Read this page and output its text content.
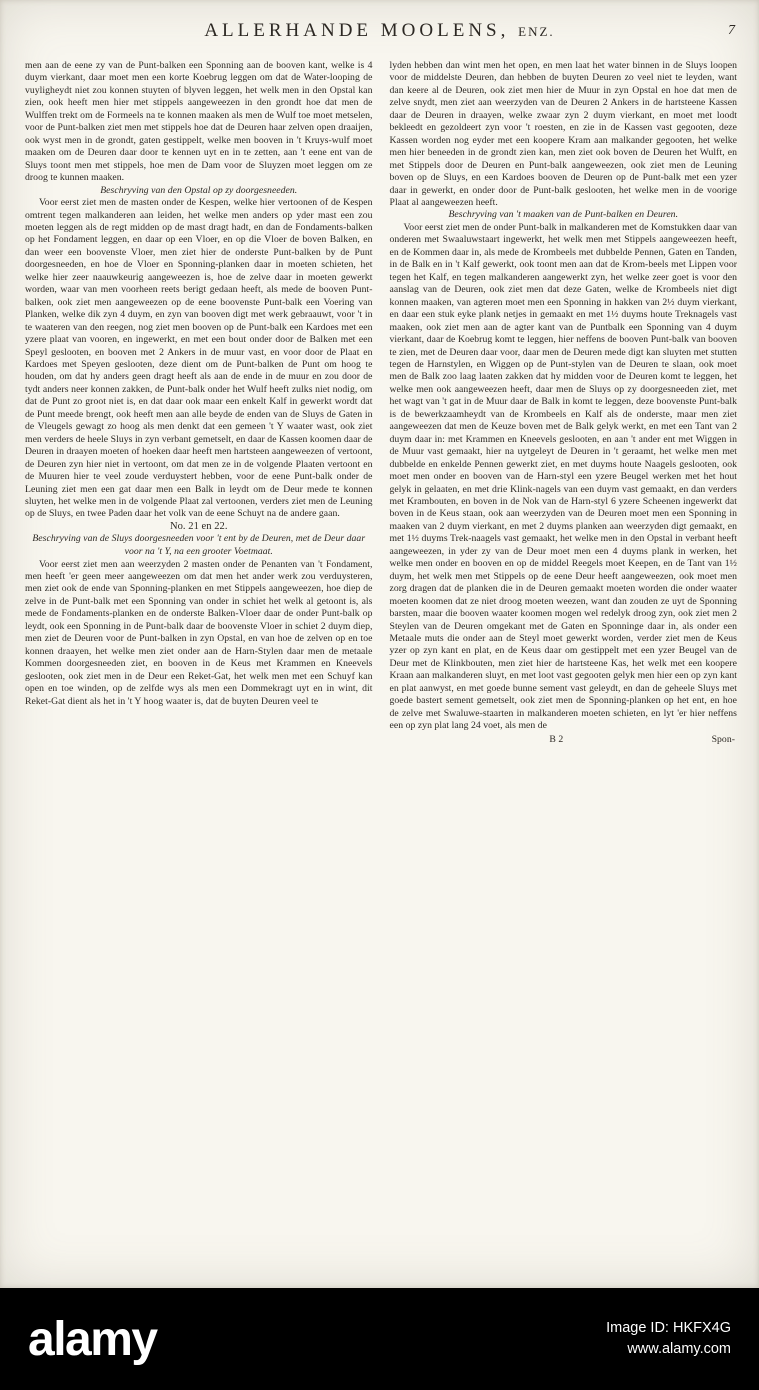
ALLERHANDE MOOLENS, ENZ.	7

men aan de eene zy van de Punt-balken een Sponning aan de booven kant, welke is 4 duym vierkant, daar moet men een korte Koebrug leggen om dat de Water-looping de vuyligheydt niet zou konnen stuyten of blyven leggen, het welk men in den Opstal kan zien, ook heeft men hier met stippels aangeweezen in den grondt hoe dat men de Wulffen trekt om de Formeels na te konnen maaken als men de Wulf toe moet metselen, voor de Punt-balken ziet men met stippels hoe dat de Deuren haar zelven open draaijen, ook wyst men in de grondt, gaten gestippelt, welke men booven in 't Kruys-wulf moet maaken om de Deuren daar door te kennen uyt en in te zetten, aan 't eene ent van de Sluys toont men met stippels, hoe men de Dam voor de Sluyzen moet leggen om ze droog te kunnen maaken.

Beschryving van den Opstal op zy doorgesneeden.

Voor eerst ziet men de masten onder de Kespen, welke hier vertoonen of de Kespen omtrent tegen malkanderen aan leiden, het welke men anders op yder mast een zou moeten leggen als de regt midden op de mast dragt hadt, en dan de Fondaments-balken op het Fondament leggen, en daar op een Vloer, en op die Vloer de boven Balken, en dan weer een boovenste Vloer, men ziet hier de onderste Punt-balken by de Punt doorgesneeden, en hoe de Vloer en Sponning-planken daar in moeten schieten, het welke hier zeer naauwkeurig aangeweezen is, hoe de zelve daar in moeten gewerkt worden, waar van men voorheen reets berigt gedaan heeft, als mede de booven Punt-balken, ook ziet men aangeweezen op de eene boovenste Punt-balk een Voering van Planken, welke dik zyn 4 duym, en zyn van booven digt met werk gebraauwt, voor 't in te waateren van den reegen, nog ziet men booven op de Punt-balk een Kardoes met een yzere plaat van vooren, en ingewerkt, en met een bout onder door de Balken met een Speyl geslooten, en booven met 2 Ankers in de muur vast, en voor door de Plaat en Kardoes met Speyen geslooten, deze dient om de Punt-balken de Punt om hoog te houden, om dat hy anders geen dragt heeft als aan de ende in de muur en zou door de tydt anders neer konnen zakken, de Punt-balk onder het Wulf heeft zulks niet nodig, om dat de Punt zo groot niet is, en dat daar ook maar een enkelt Kalf in gewerkt wordt dat de Punt meede brengt, ook heeft men aan alle beyde de enden van de Sluys de Gaten in de Vleugels gewagt zo hoog als men denkt dat een gemeen 't Y waater wast, ook ziet men verders de heele Sluys in zyn verbant gemetselt, en daar de Kassen koomen daar de Deuren in draayen moeten of hoeken daar heeft men hartsteen aangeweezen of vertoont, de Deuren zyn hier niet in vertoont, om dat men ze in de volgende Plaaten vertoont en de Muuren hier te veel zoude verduystert hebben, voor de eene Punt-balk onder de Leuning ziet men een gat daar men een Balk in leydt om de Deur mede te konnen sluyten, het welke men in de volgende Plaat zal vertoonen, verders ziet men de Leuning op de Sluys, en twee Paden daar het volk van de eene Schuyt na de andere gaan.

No. 21 en 22.

Beschryving van de Sluys doorgesneeden voor 't ent by de Deuren, met de Deur daar voor na 't Y, na een grooter Voetmaat.

Voor eerst ziet men aan weerzyden 2 masten onder de Penanten van 't Fondament, men heeft 'er geen meer aangeweezen om dat men het ander werk zou verduysteren, men ziet ook de ende van Sponning-planken en met Stippels aangeweezen, hoe diep de zelve in de Punt-balk met een Sponning van onder in schiet het welk al getoont is, als mede de Fondaments-planken en de onderste Balken-Vloer daar de onder Punt-balk op leydt, ook een Sponning in de Punt-balk daar de boovenste Vloer in schiet 2 duym diep, men ziet de Deuren voor de Punt-balken in zyn Opstal, en van hoe de zelven op en toe konnen draayen, het welke men ziet onder aan de Harn-Stylen daar men de metaale Kommen doorgesneeden ziet, en booven in de Keus met Krammen en Kneevels geslooten, ook ziet men in de Deur een Reket-Gat, het welk men met een Schuyf kan open en toe winden, op de zelfde wys als men een Dommekragt uyt en in wint, dit Reket-Gat dient als het in 't Y hoog waater is, dat de buyten Deuren veel te

lyden hebben dan wint men het open, en men laat het water binnen in de Sluys loopen voor de middelste Deuren, dan hebben de buyten Deuren zo veel niet te leyden, want dan keere al de Deuren, ook ziet men hier de Muur in zyn Opstal en hoe dat men de zelve snydt, men ziet aan weerzyden van de Deuren 2 Ankers in de hartsteene Kassen daar de Deuren in draayen, welke zwaar zyn 2 duym vierkant, en moet met loodt bekleedt en gezoldeert zyn voor 't roesten, en zie in de Kassen vast gegooten, deze Kassen worden nog eyder met een koopere Kram aan malkander gegooten, het welke men hier beneeden in de grondt zien kan, men ziet ook boven de Deuren het Wulft, en met Stippels door de Deuren en Punt-balk aangeweezen, ook ziet men de Leuning boven op de Sluys, en een Kardoes booven de Deuren op de Punt-balk met een yzer daar in gewerkt, en onder door de Punt-balk geslooten, het welke men in de voorige Plaat al aangeweezen heeft.

Beschryving van 't maaken van de Punt-balken en Deuren.

Voor eerst ziet men de onder Punt-balk in malkanderen met de Komstukken daar van onderen met Swaaluwstaart ingewerkt, het welk men met Stippels aangeweezen heeft, en de Kommen daar in, als mede de Krombeels met dubbelde Pennen, Gaten en Tanden, in de Balk en in 't Kalf gewerkt, ook toont men aan dat de Krom-beels met Lippen voor tegen het Kalf, en tegen malkanderen aangewerkt zyn, het welke zeer goet is voor den aanslag van de Deuren, ook ziet men dat deze Gaten, welke de Krombeels niet digt konnen maaken, van agteren moet men een Sponning in hakken van 2½ duym vierkant, en daar een stuk eyke plank netjes in gemaakt en met 1½ duyms houte Treknagels vast maaken, ook ziet men aan de agter kant van de Puntbalk een Sponning van 4 duym vierkant, daar de Koebrug komt te leggen, hier neffens de booven Punt-balk van booven te zien, met de Deuren daar voor, daar men de Deuren mede digt kan sluyten met stutten tegen de Harnstylen, en Wiggen op de Punt-stylen van de Deuren te slaan, ook moet men de Balk zoo laag laaten zakken dat hy midden voor de Deuren komt te leggen, het welke men ook aangeweezen heeft, daar men de Sluys op zy doorgesneeden ziet, met het wagt van 't gat in de Muur daar de Balk in komt te leggen, deze boovenste Punt-balk is de bewerkzaamheydt van de Krombeels en Kalf als de onderste, maar men ziet aangeweezen dat men de Keuze boven met de Balk gelyk werkt, en met een Tant van 2 duym daar in: met Krammen en Kneevels geslooten, en aan 't ander ent met Wiggen in de Muur vast gemaakt, hier na uytgeleyt de Deuren in 't geraamt, het welke men met dubbelde en enkelde Pennen gewerkt ziet, en met duyms houte Naagels geslooten, ook moet men onder en booven van de Harn-styl een yzere Beugel werken met het hout gelyk in gelaaten, en met drie Klink-nagels van een duym vast gemaakt, en dan verders met Krambouten, en boven in de Nok van de Harn-styl 6 yzere Scheenen ingewerkt dat boven in de Keus staan, ook aan weerzyden van de Deuren moet men een Sponning in maaken van 2 duym vierkant, en met 2 duyms planken aan weerzyden digt gemaakt, en met 1½ duyms Trek-naagels vast gemaakt, het welke men in den Opstal in verbant heeft aangeweezen, in yder zy van de Deur moet men een 4 duyms plank in werken, het welke men onder en booven en op de middel Reegels moet Keepen, en de Tant van 1½ duym, het welk men met Stippels op de eene Deur heeft aangeweezen, ook moet men zorg dragen dat de planken die in de Deuren gemaakt moeten worden die onder waater moeten koomen dat ze niet droog moeten weezen, want dan zouden ze uyt de Sponning barsten, maar die booven waater koomen mogen wel redelyk droog zyn, ook ziet men 2 Steylen van de Deuren omgekant met de Gaten en Sponninge daar in, als onder een Metaale muts die onder aan de Steyl moet gewerkt worden, verder ziet men de Keus yzer op zyn kant en plat, en de Keus daar om gestippelt met een yzer Beugel van de Deur met de Klinkbouten, men ziet hier de hartsteene Kas, het welk met een koopere Kraan aan malkanderen sluyt, en met loot vast gegooten gelyk men hier een op zyn kant en plat aanwyst, en met goede bunne sement vast geleydt, en dan de geheele Sluys met goede bastert sement gemetselt, ook ziet men de Sponning-planken op het ent, en hoe de zelve met Swaluwe-staarten in malkanderen moeten schieten, en lyt 'er hier neffens een op zyn plat lang 24 voet, als men de

B 2	Spon-
alamy	Image ID: HKFX4G
www.alamy.com
